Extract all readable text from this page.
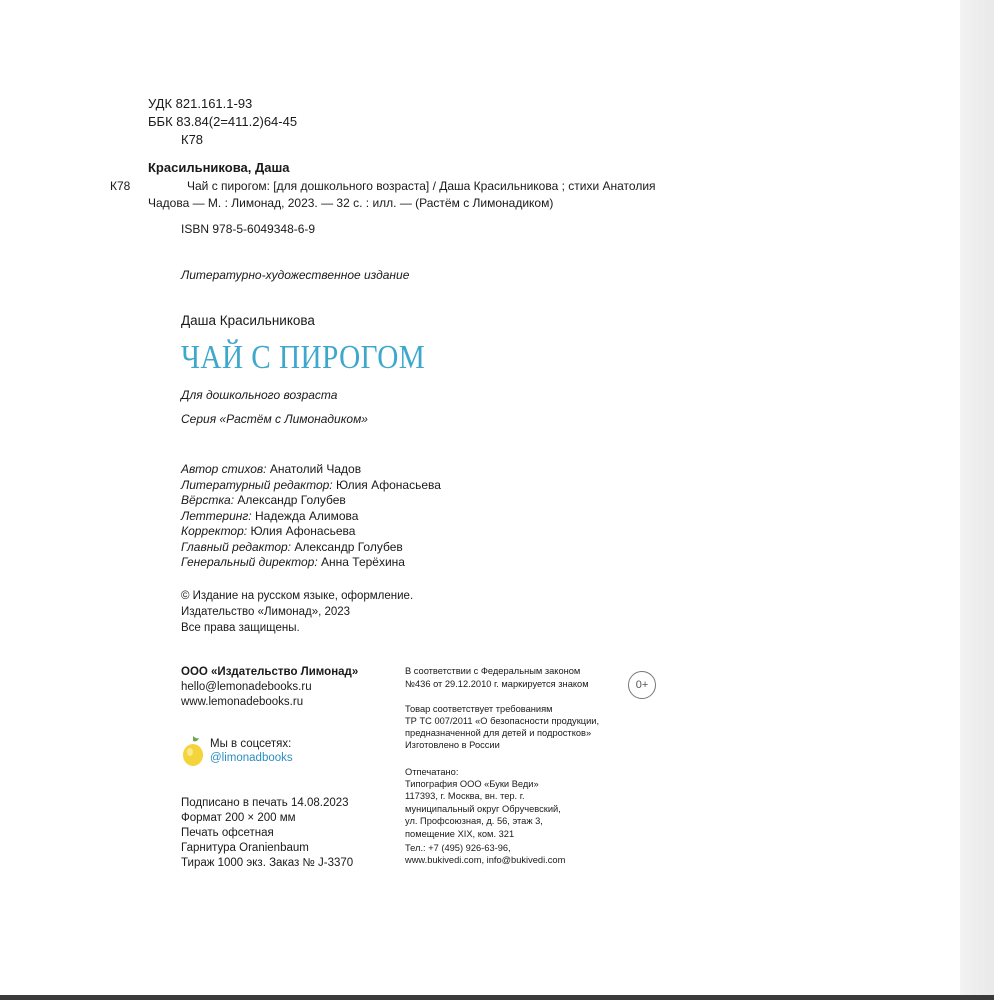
УДК 821.161.1-93
ББК 83.84(2=411.2)64-45
К78
Красильникова, Даша
К78	Чай с пирогом: [для дошкольного возраста] / Даша Красильникова ; стихи Анатолия
Чадова — М. : Лимонад, 2023. — 32 с. : илл. — (Растём с Лимонадиком)
ISBN 978-5-6049348-6-9
Литературно-художественное издание
Даша Красильникова
ЧАЙ С ПИРОГОМ
Для дошкольного возраста
Серия «Растём с Лимонадиком»
Автор стихов: Анатолий Чадов
Литературный редактор: Юлия Афонасьева
Вёрстка: Александр Голубев
Леттеринг: Надежда Алимова
Корректор: Юлия Афонасьева
Главный редактор: Александр Голубев
Генеральный директор: Анна Терёхина
© Издание на русском языке, оформление.
Издательство «Лимонад», 2023
Все права защищены.
ООО «Издательство Лимонад»
hello@lemonadebooks.ru
www.lemonadebooks.ru
Мы в соцсетях:
@limonadbooks
Подписано в печать 14.08.2023
Формат 200 × 200 мм
Печать офсетная
Гарнитура Oranienbaum
Тираж 1000 экз. Заказ № J-3370
В соответствии с Федеральным законом
№436 от 29.12.2010 г. маркируется знаком	0+
Товар соответствует требованиям
ТР ТС 007/2011 «О безопасности продукции,
предназначенной для детей и подростков»
Изготовлено в России
Отпечатано:
Типография ООО «Буки Веди»
117393, г. Москва, вн. тер. г.
муниципальный округ Обручевский,
ул. Профсоюзная, д. 56, этаж 3,
помещение XIX, ком. 321
Тел.: +7 (495) 926-63-96,
www.bukivedi.com, info@bukivedi.com
